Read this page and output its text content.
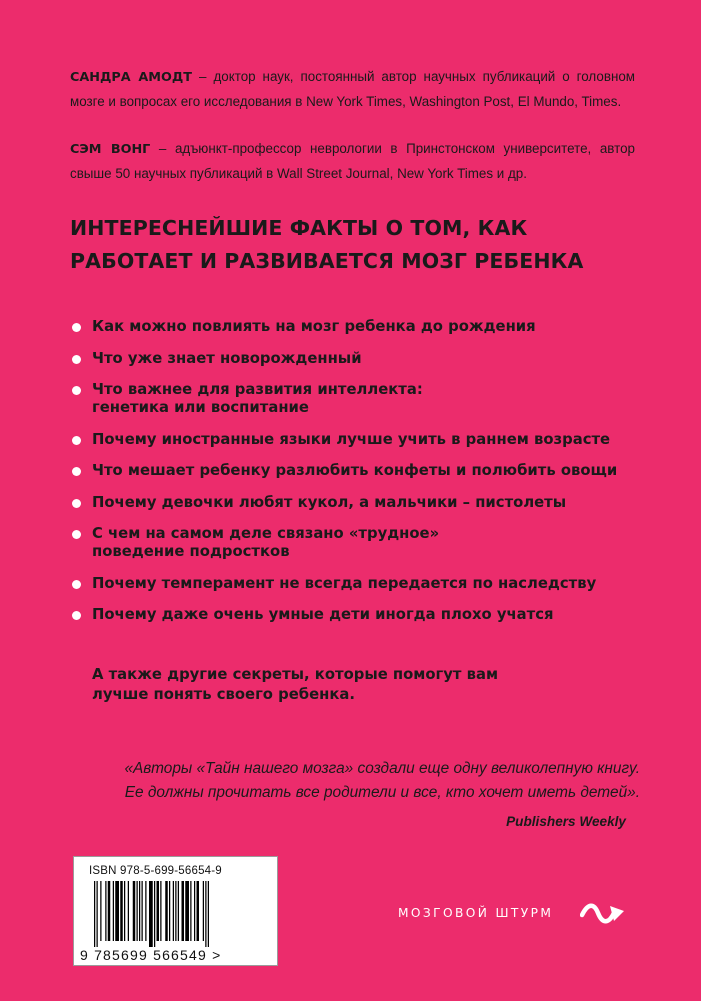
САНДРА АМОДТ – доктор наук, постоянный автор научных публикаций о головном мозге и вопросах его исследования в New York Times, Washington Post, El Mundo, Times.

СЭМ ВОНГ – адъюнкт-профессор неврологии в Принстонском университете, автор свыше 50 научных публикаций в Wall Street Journal, New York Times и др.

ИНТЕРЕСНЕЙШИЕ ФАКТЫ О ТОМ, КАК РАБОТАЕТ И РАЗВИВАЕТСЯ МОЗГ РЕБЕНКА
Как можно повлиять на мозг ребенка до рождения
Что уже знает новорожденный
Что важнее для развития интеллекта:
генетика или воспитание
Почему иностранные языки лучше учить в раннем возрасте
Что мешает ребенку разлюбить конфеты и полюбить овощи
Почему девочки любят кукол, а мальчики – пистолеты
С чем на самом деле связано «трудное»
поведение подростков
Почему темперамент не всегда передается по наследству
Почему даже очень умные дети иногда плохо учатся

А также другие секреты, которые помогут вам
лучше понять своего ребенка.

«Авторы «Тайн нашего мозга» создали еще одну великолепную книгу.
Ее должны прочитать все родители и все, кто хочет иметь детей».

Publishers Weekly

ISBN 978-5-699-56654-9
9 785699 566549 >
МОЗГОВОЙ ШТУРМ
